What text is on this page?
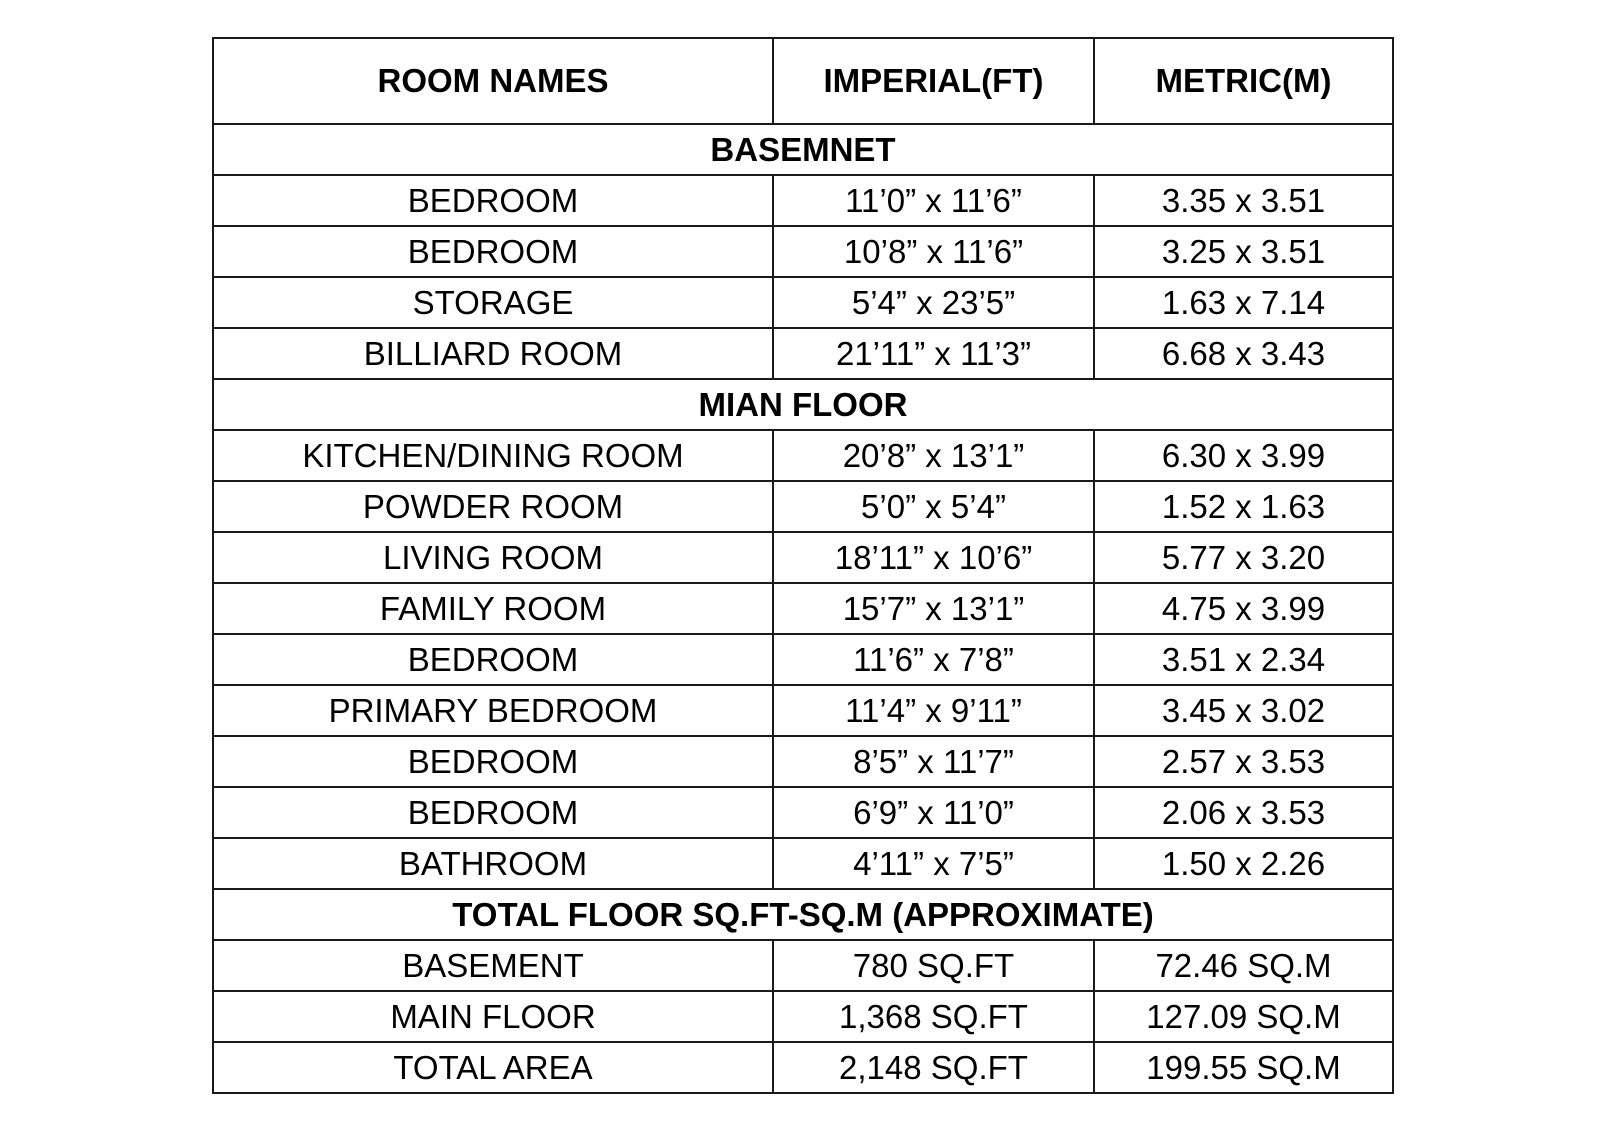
ROOM NAMES	IMPERIAL(FT)	METRIC(M)
BASEMNET		
BEDROOM	11’0” x 11’6”	3.35 x 3.51
BEDROOM	10’8” x 11’6”	3.25 x 3.51
STORAGE	5’4” x 23’5”	1.63 x 7.14
BILLIARD ROOM	21’11” x 11’3”	6.68 x 3.43
MIAN FLOOR		
KITCHEN/DINING ROOM	20’8” x 13’1”	6.30 x 3.99
POWDER ROOM	5’0” x 5’4”	1.52 x 1.63
LIVING ROOM	18’11” x 10’6”	5.77 x 3.20
FAMILY ROOM	15’7” x 13’1”	4.75 x 3.99
BEDROOM	11’6” x 7’8”	3.51 x 2.34
PRIMARY BEDROOM	11’4” x 9’11”	3.45 x 3.02
BEDROOM	8’5” x 11’7”	2.57 x 3.53
BEDROOM	6’9” x 11’0”	2.06 x 3.53
BATHROOM	4’11” x 7’5”	1.50 x 2.26
TOTAL FLOOR SQ.FT-SQ.M (APPROXIMATE)		
BASEMENT	780 SQ.FT	72.46 SQ.M
MAIN FLOOR	1,368 SQ.FT	127.09 SQ.M
TOTAL AREA	2,148 SQ.FT	199.55 SQ.M
